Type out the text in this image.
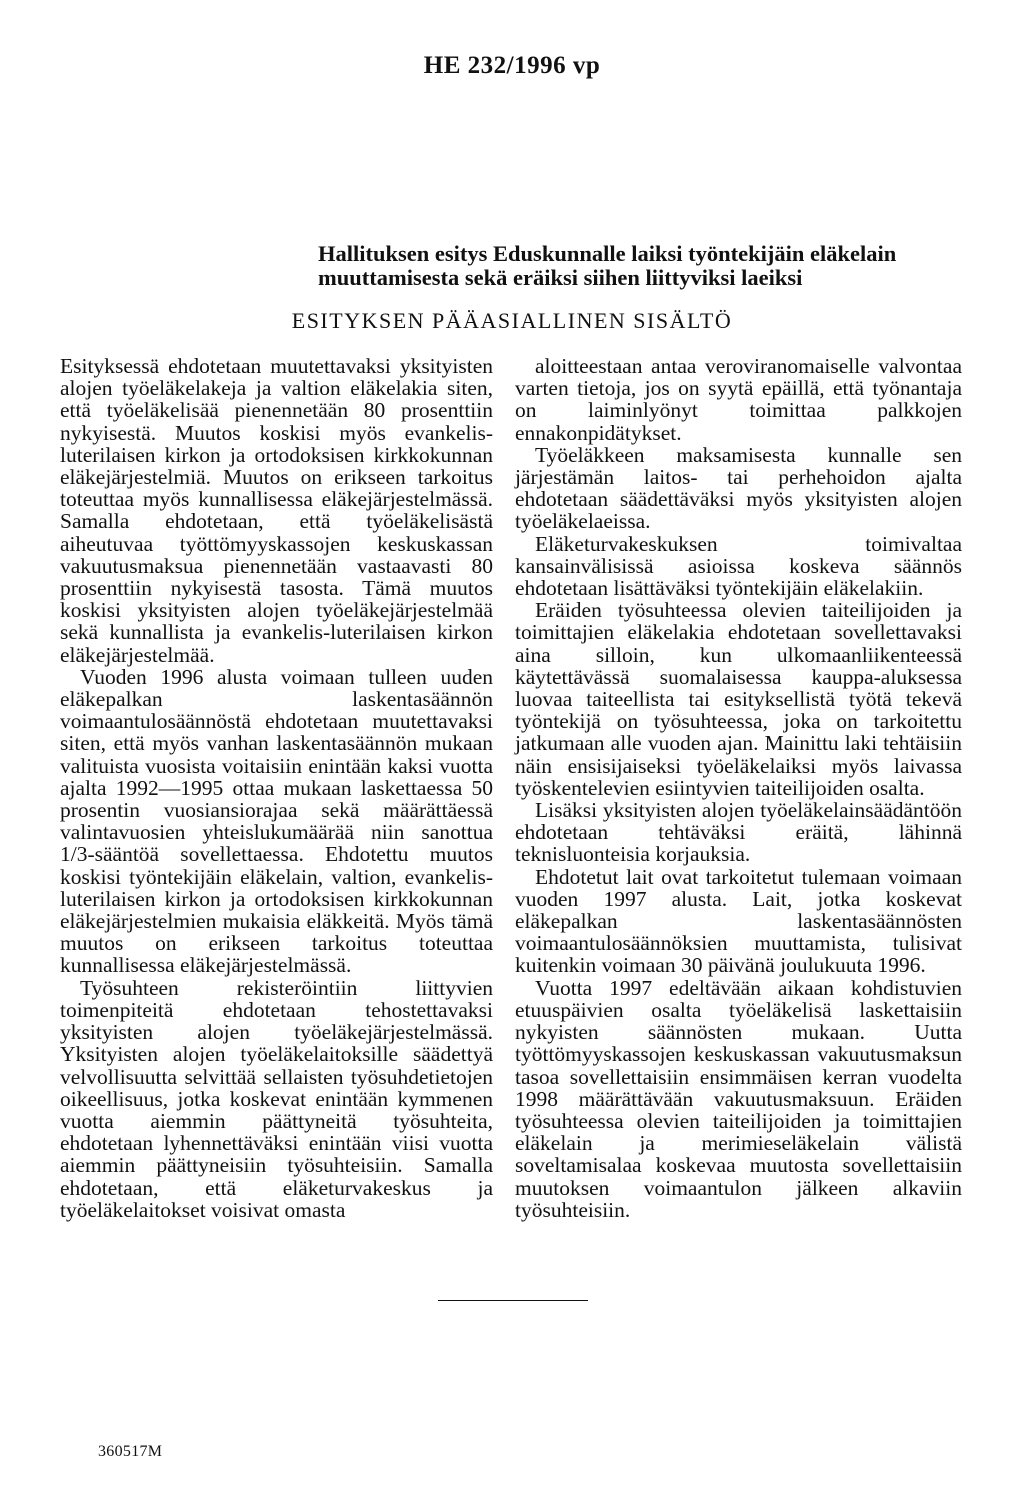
HE 232/1996 vp
Hallituksen esitys Eduskunnalle laiksi työntekijäin eläkelain
muuttamisesta sekä eräiksi siihen liittyviksi laeiksi
ESITYKSEN PÄÄASIALLINEN SISÄLTÖ

Esityksessä ehdotetaan muutettavaksi yksityisten alojen työeläkelakeja ja valtion eläkelakia siten, että työeläkelisää pienennetään 80 prosenttiin nykyisestä. Muutos koskisi myös evankelis-luterilaisen kirkon ja ortodoksisen kirkkokunnan eläkejärjestelmiä. Muutos on erikseen tarkoitus toteuttaa myös kunnallisessa eläkejärjestelmässä. Samalla ehdotetaan, että työeläkelisästä aiheutuvaa työttömyyskassojen keskuskassan vakuutusmaksua pienennetään vastaavasti 80 prosenttiin nykyisestä tasosta. Tämä muutos koskisi yksityisten alojen työeläkejärjestelmää sekä kunnallista ja evankelis-luterilaisen kirkon eläkejärjestelmää.

Vuoden 1996 alusta voimaan tulleen uuden eläkepalkan laskentasäännön voimaantulosäännöstä ehdotetaan muutettavaksi siten, että myös vanhan laskentasäännön mukaan valituista vuosista voitaisiin enintään kaksi vuotta ajalta 1992—1995 ottaa mukaan laskettaessa 50 prosentin vuosiansiorajaa sekä määrättäessä valintavuosien yhteislukumäärää niin sanottua 1/3-sääntöä sovellettaessa. Ehdotettu muutos koskisi työntekijäin eläkelain, valtion, evankelis-luterilaisen kirkon ja ortodoksisen kirkkokunnan eläkejärjestelmien mukaisia eläkkeitä. Myös tämä muutos on erikseen tarkoitus toteuttaa kunnallisessa eläkejärjestelmässä.

Työsuhteen rekisteröintiin liittyvien toimenpiteitä ehdotetaan tehostettavaksi yksityisten alojen työeläkejärjestelmässä. Yksityisten alojen työeläkelaitoksille säädettyä velvollisuutta selvittää sellaisten työsuhdetietojen oikeellisuus, jotka koskevat enintään kymmenen vuotta aiemmin päättyneitä työsuhteita, ehdotetaan lyhennettäväksi enintään viisi vuotta aiemmin päättyneisiin työsuhteisiin. Samalla ehdotetaan, että eläketurvakeskus ja työeläkelaitokset voisivat omasta

aloitteestaan antaa veroviranomaiselle valvontaa varten tietoja, jos on syytä epäillä, että työnantaja on laiminlyönyt toimittaa palkkojen ennakonpidätykset.

Työeläkkeen maksamisesta kunnalle sen järjestämän laitos- tai perhehoidon ajalta ehdotetaan säädettäväksi myös yksityisten alojen työeläkelaeissa.

Eläketurvakeskuksen toimivaltaa kansainvälisissä asioissa koskeva säännös ehdotetaan lisättäväksi työntekijäin eläkelakiin.

Eräiden työsuhteessa olevien taiteilijoiden ja toimittajien eläkelakia ehdotetaan sovellettavaksi aina silloin, kun ulkomaanliikenteessä käytettävässä suomalaisessa kauppa-aluksessa luovaa taiteellista tai esityksellistä työtä tekevä työntekijä on työsuhteessa, joka on tarkoitettu jatkumaan alle vuoden ajan. Mainittu laki tehtäisiin näin ensisijaiseksi työeläkelaiksi myös laivassa työskentelevien esiintyvien taiteilijoiden osalta.

Lisäksi yksityisten alojen työeläkelainsäädäntöön ehdotetaan tehtäväksi eräitä, lähinnä teknisluonteisia korjauksia.

Ehdotetut lait ovat tarkoitetut tulemaan voimaan vuoden 1997 alusta. Lait, jotka koskevat eläkepalkan laskentasäännösten voimaantulosäännöksien muuttamista, tulisivat kuitenkin voimaan 30 päivänä joulukuuta 1996.

Vuotta 1997 edeltävään aikaan kohdistuvien etuuspäivien osalta työeläkelisä laskettaisiin nykyisten säännösten mukaan. Uutta työttömyyskassojen keskuskassan vakuutusmaksun tasoa sovellettaisiin ensimmäisen kerran vuodelta 1998 määrättävään vakuutusmaksuun. Eräiden työsuhteessa olevien taiteilijoiden ja toimittajien eläkelain ja merimieseläkelain välistä soveltamisalaa koskevaa muutosta sovellettaisiin muutoksen voimaantulon jälkeen alkaviin työsuhteisiin.

360517M
